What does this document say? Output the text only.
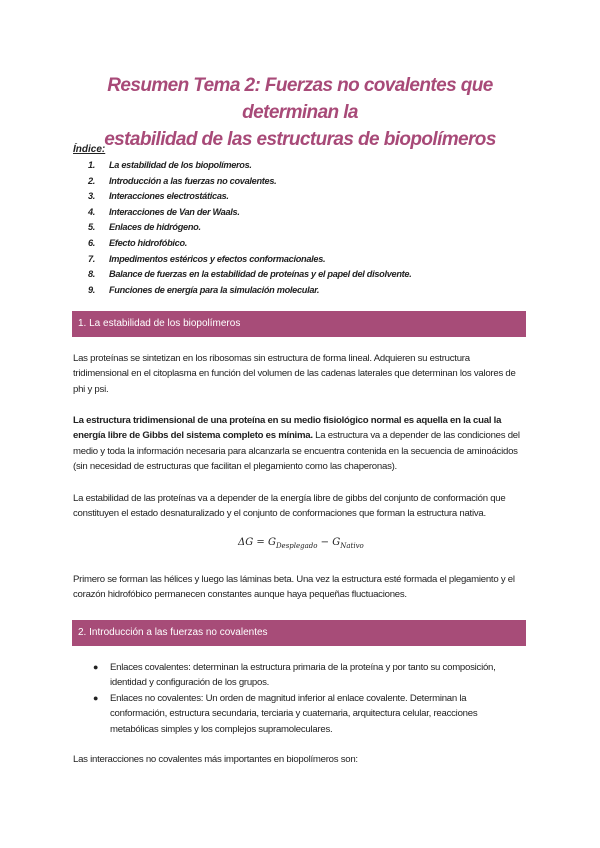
Resumen Tema 2: Fuerzas no covalentes que determinan la
estabilidad de las estructuras de biopolímeros
Índice:
1. La estabilidad de los biopolímeros.
2. Introducción a las fuerzas no covalentes.
3. Interacciones electrostáticas.
4. Interacciones de Van der Waals.
5. Enlaces de hidrógeno.
6. Efecto hidrofóbico.
7. Impedimentos estéricos y efectos conformacionales.
8. Balance de fuerzas en la estabilidad de proteínas y el papel del disolvente.
9. Funciones de energía para la simulación molecular.
1. La estabilidad de los biopolímeros

Las proteínas se sintetizan en los ribosomas sin estructura de forma lineal. Adquieren su estructura tridimensional en el citoplasma en función del volumen de las cadenas laterales que determinan los valores de phi y psi.

La estructura tridimensional de una proteína en su medio fisiológico normal es aquella en la cual la energía libre de Gibbs del sistema completo es mínima. La estructura va a depender de las condiciones del medio y toda la información necesaria para alcanzarla se encuentra contenida en la secuencia de aminoácidos (sin necesidad de estructuras que facilitan el plegamiento como las chaperonas).

La estabilidad de las proteínas va a depender de la energía libre de gibbs del conjunto de conformación que constituyen el estado desnaturalizado y el conjunto de conformaciones que forman la estructura nativa.

$\Delta G = G_{Desplegado} - G_{Nativo}$

Primero se forman las hélices y luego las láminas beta. Una vez la estructura esté formada el plegamiento y el corazón hidrofóbico permanecen constantes aunque haya pequeñas fluctuaciones.

2. Introducción a las fuerzas no covalentes
● Enlaces covalentes: determinan la estructura primaria de la proteína y por tanto su composición, identidad y configuración de los grupos.
● Enlaces no covalentes: Un orden de magnitud inferior al enlace covalente. Determinan la conformación, estructura secundaria, terciaria y cuaternaria, arquitectura celular, reacciones metabólicas simples y los complejos supramoleculares.

Las interacciones no covalentes más importantes en biopolímeros son:
